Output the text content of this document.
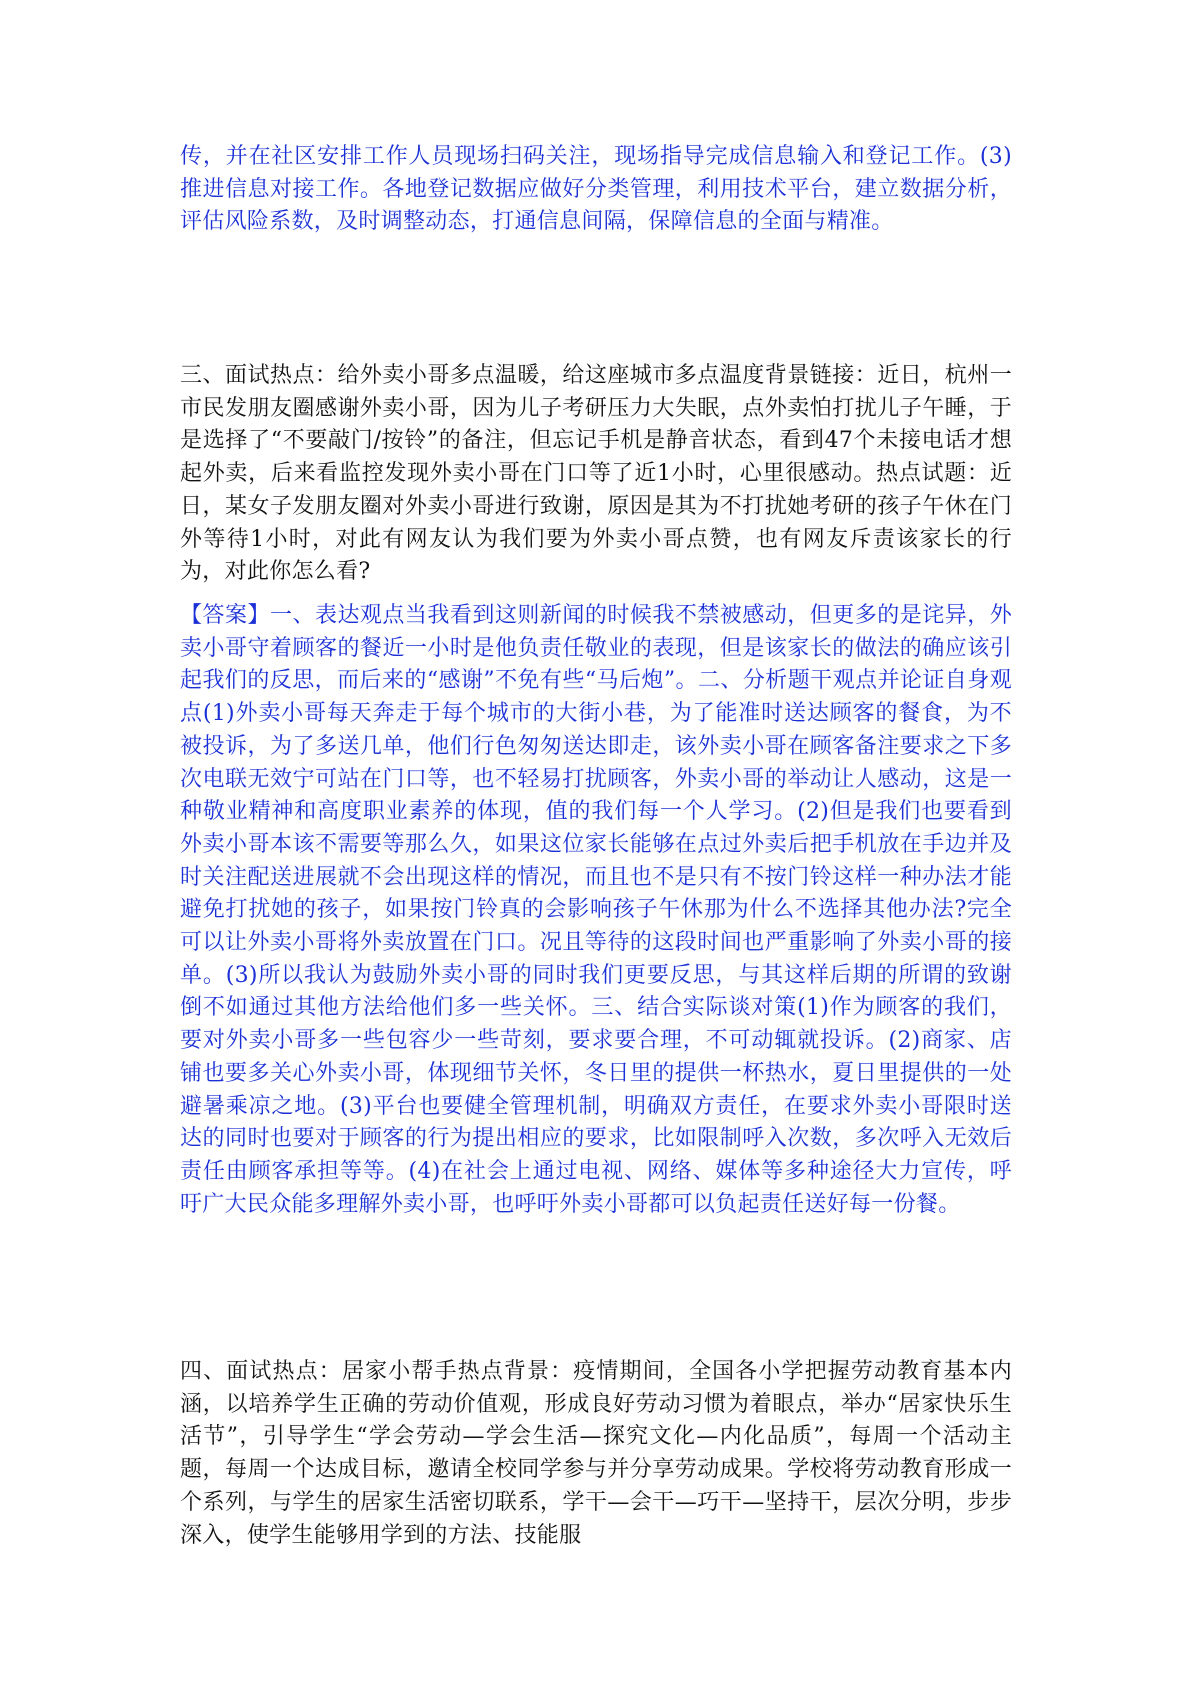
传，并在社区安排工作人员现场扫码关注，现场指导完成信息输入和登记工作。(3)推进信息对接工作。各地登记数据应做好分类管理，利用技术平台，建立数据分析，评估风险系数，及时调整动态，打通信息间隔，保障信息的全面与精准。

三、面试热点：给外卖小哥多点温暖，给这座城市多点温度背景链接：近日，杭州一市民发朋友圈感谢外卖小哥，因为儿子考研压力大失眠，点外卖怕打扰儿子午睡，于是选择了“不要敲门/按铃”的备注，但忘记手机是静音状态，看到47个未接电话才想起外卖，后来看监控发现外卖小哥在门口等了近1小时，心里很感动。热点试题：近日，某女子发朋友圈对外卖小哥进行致谢，原因是其为不打扰她考研的孩子午休在门外等待1小时，对此有网友认为我们要为外卖小哥点赞，也有网友斥责该家长的行为，对此你怎么看?

【答案】一、表达观点当我看到这则新闻的时候我不禁被感动，但更多的是诧异，外卖小哥守着顾客的餐近一小时是他负责任敬业的表现，但是该家长的做法的确应该引起我们的反思，而后来的“感谢”不免有些“马后炮”。二、分析题干观点并论证自身观点(1)外卖小哥每天奔走于每个城市的大街小巷，为了能准时送达顾客的餐食，为不被投诉，为了多送几单，他们行色匆匆送达即走，该外卖小哥在顾客备注要求之下多次电联无效宁可站在门口等，也不轻易打扰顾客，外卖小哥的举动让人感动，这是一种敬业精神和高度职业素养的体现，值的我们每一个人学习。(2)但是我们也要看到外卖小哥本该不需要等那么久，如果这位家长能够在点过外卖后把手机放在手边并及时关注配送进展就不会出现这样的情况，而且也不是只有不按门铃这样一种办法才能避免打扰她的孩子，如果按门铃真的会影响孩子午休那为什么不选择其他办法?完全可以让外卖小哥将外卖放置在门口。况且等待的这段时间也严重影响了外卖小哥的接单。(3)所以我认为鼓励外卖小哥的同时我们更要反思，与其这样后期的所谓的致谢倒不如通过其他方法给他们多一些关怀。三、结合实际谈对策(1)作为顾客的我们，要对外卖小哥多一些包容少一些苛刻，要求要合理，不可动辄就投诉。(2)商家、店铺也要多关心外卖小哥，体现细节关怀，冬日里的提供一杯热水，夏日里提供的一处避暑乘凉之地。(3)平台也要健全管理机制，明确双方责任，在要求外卖小哥限时送达的同时也要对于顾客的行为提出相应的要求，比如限制呼入次数，多次呼入无效后责任由顾客承担等等。(4)在社会上通过电视、网络、媒体等多种途径大力宣传，呼吁广大民众能多理解外卖小哥，也呼吁外卖小哥都可以负起责任送好每一份餐。

四、面试热点：居家小帮手热点背景：疫情期间，全国各小学把握劳动教育基本内涵，以培养学生正确的劳动价值观，形成良好劳动习惯为着眼点，举办“居家快乐生活节”，引导学生“学会劳动—学会生活—探究文化—内化品质”，每周一个活动主题，每周一个达成目标，邀请全校同学参与并分享劳动成果。学校将劳动教育形成一个系列，与学生的居家生活密切联系，学干—会干—巧干—坚持干，层次分明，步步深入，使学生能够用学到的方法、技能服
